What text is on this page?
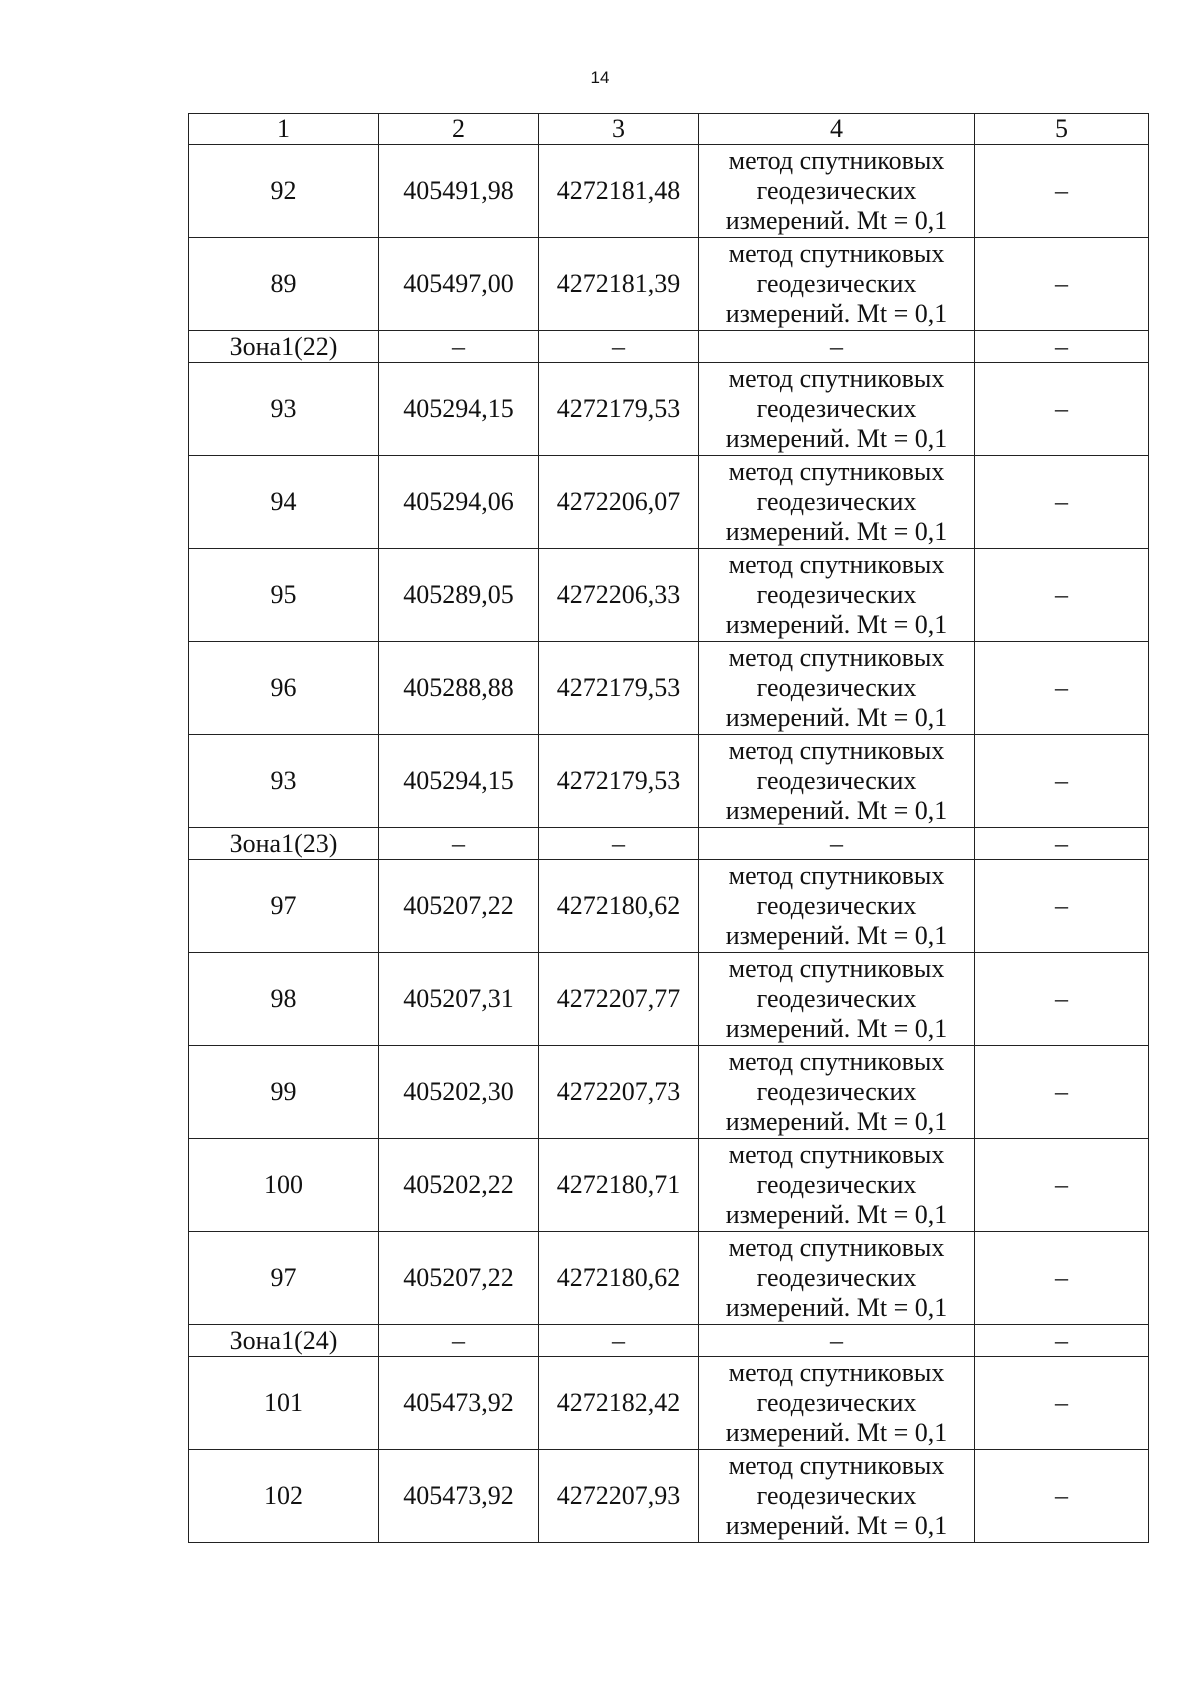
14
1	2	3	4	5
92	405491,98	4272181,48	метод спутниковых
геодезических
измерений. Mt = 0,1	–
89	405497,00	4272181,39	метод спутниковых
геодезических
измерений. Mt = 0,1	–
Зона1(22)	–	–	–	–
93	405294,15	4272179,53	метод спутниковых
геодезических
измерений. Mt = 0,1	–
94	405294,06	4272206,07	метод спутниковых
геодезических
измерений. Mt = 0,1	–
95	405289,05	4272206,33	метод спутниковых
геодезических
измерений. Mt = 0,1	–
96	405288,88	4272179,53	метод спутниковых
геодезических
измерений. Mt = 0,1	–
93	405294,15	4272179,53	метод спутниковых
геодезических
измерений. Mt = 0,1	–
Зона1(23)	–	–	–	–
97	405207,22	4272180,62	метод спутниковых
геодезических
измерений. Mt = 0,1	–
98	405207,31	4272207,77	метод спутниковых
геодезических
измерений. Mt = 0,1	–
99	405202,30	4272207,73	метод спутниковых
геодезических
измерений. Mt = 0,1	–
100	405202,22	4272180,71	метод спутниковых
геодезических
измерений. Mt = 0,1	–
97	405207,22	4272180,62	метод спутниковых
геодезических
измерений. Mt = 0,1	–
Зона1(24)	–	–	–	–
101	405473,92	4272182,42	метод спутниковых
геодезических
измерений. Mt = 0,1	–
102	405473,92	4272207,93	метод спутниковых
геодезических
измерений. Mt = 0,1	–
